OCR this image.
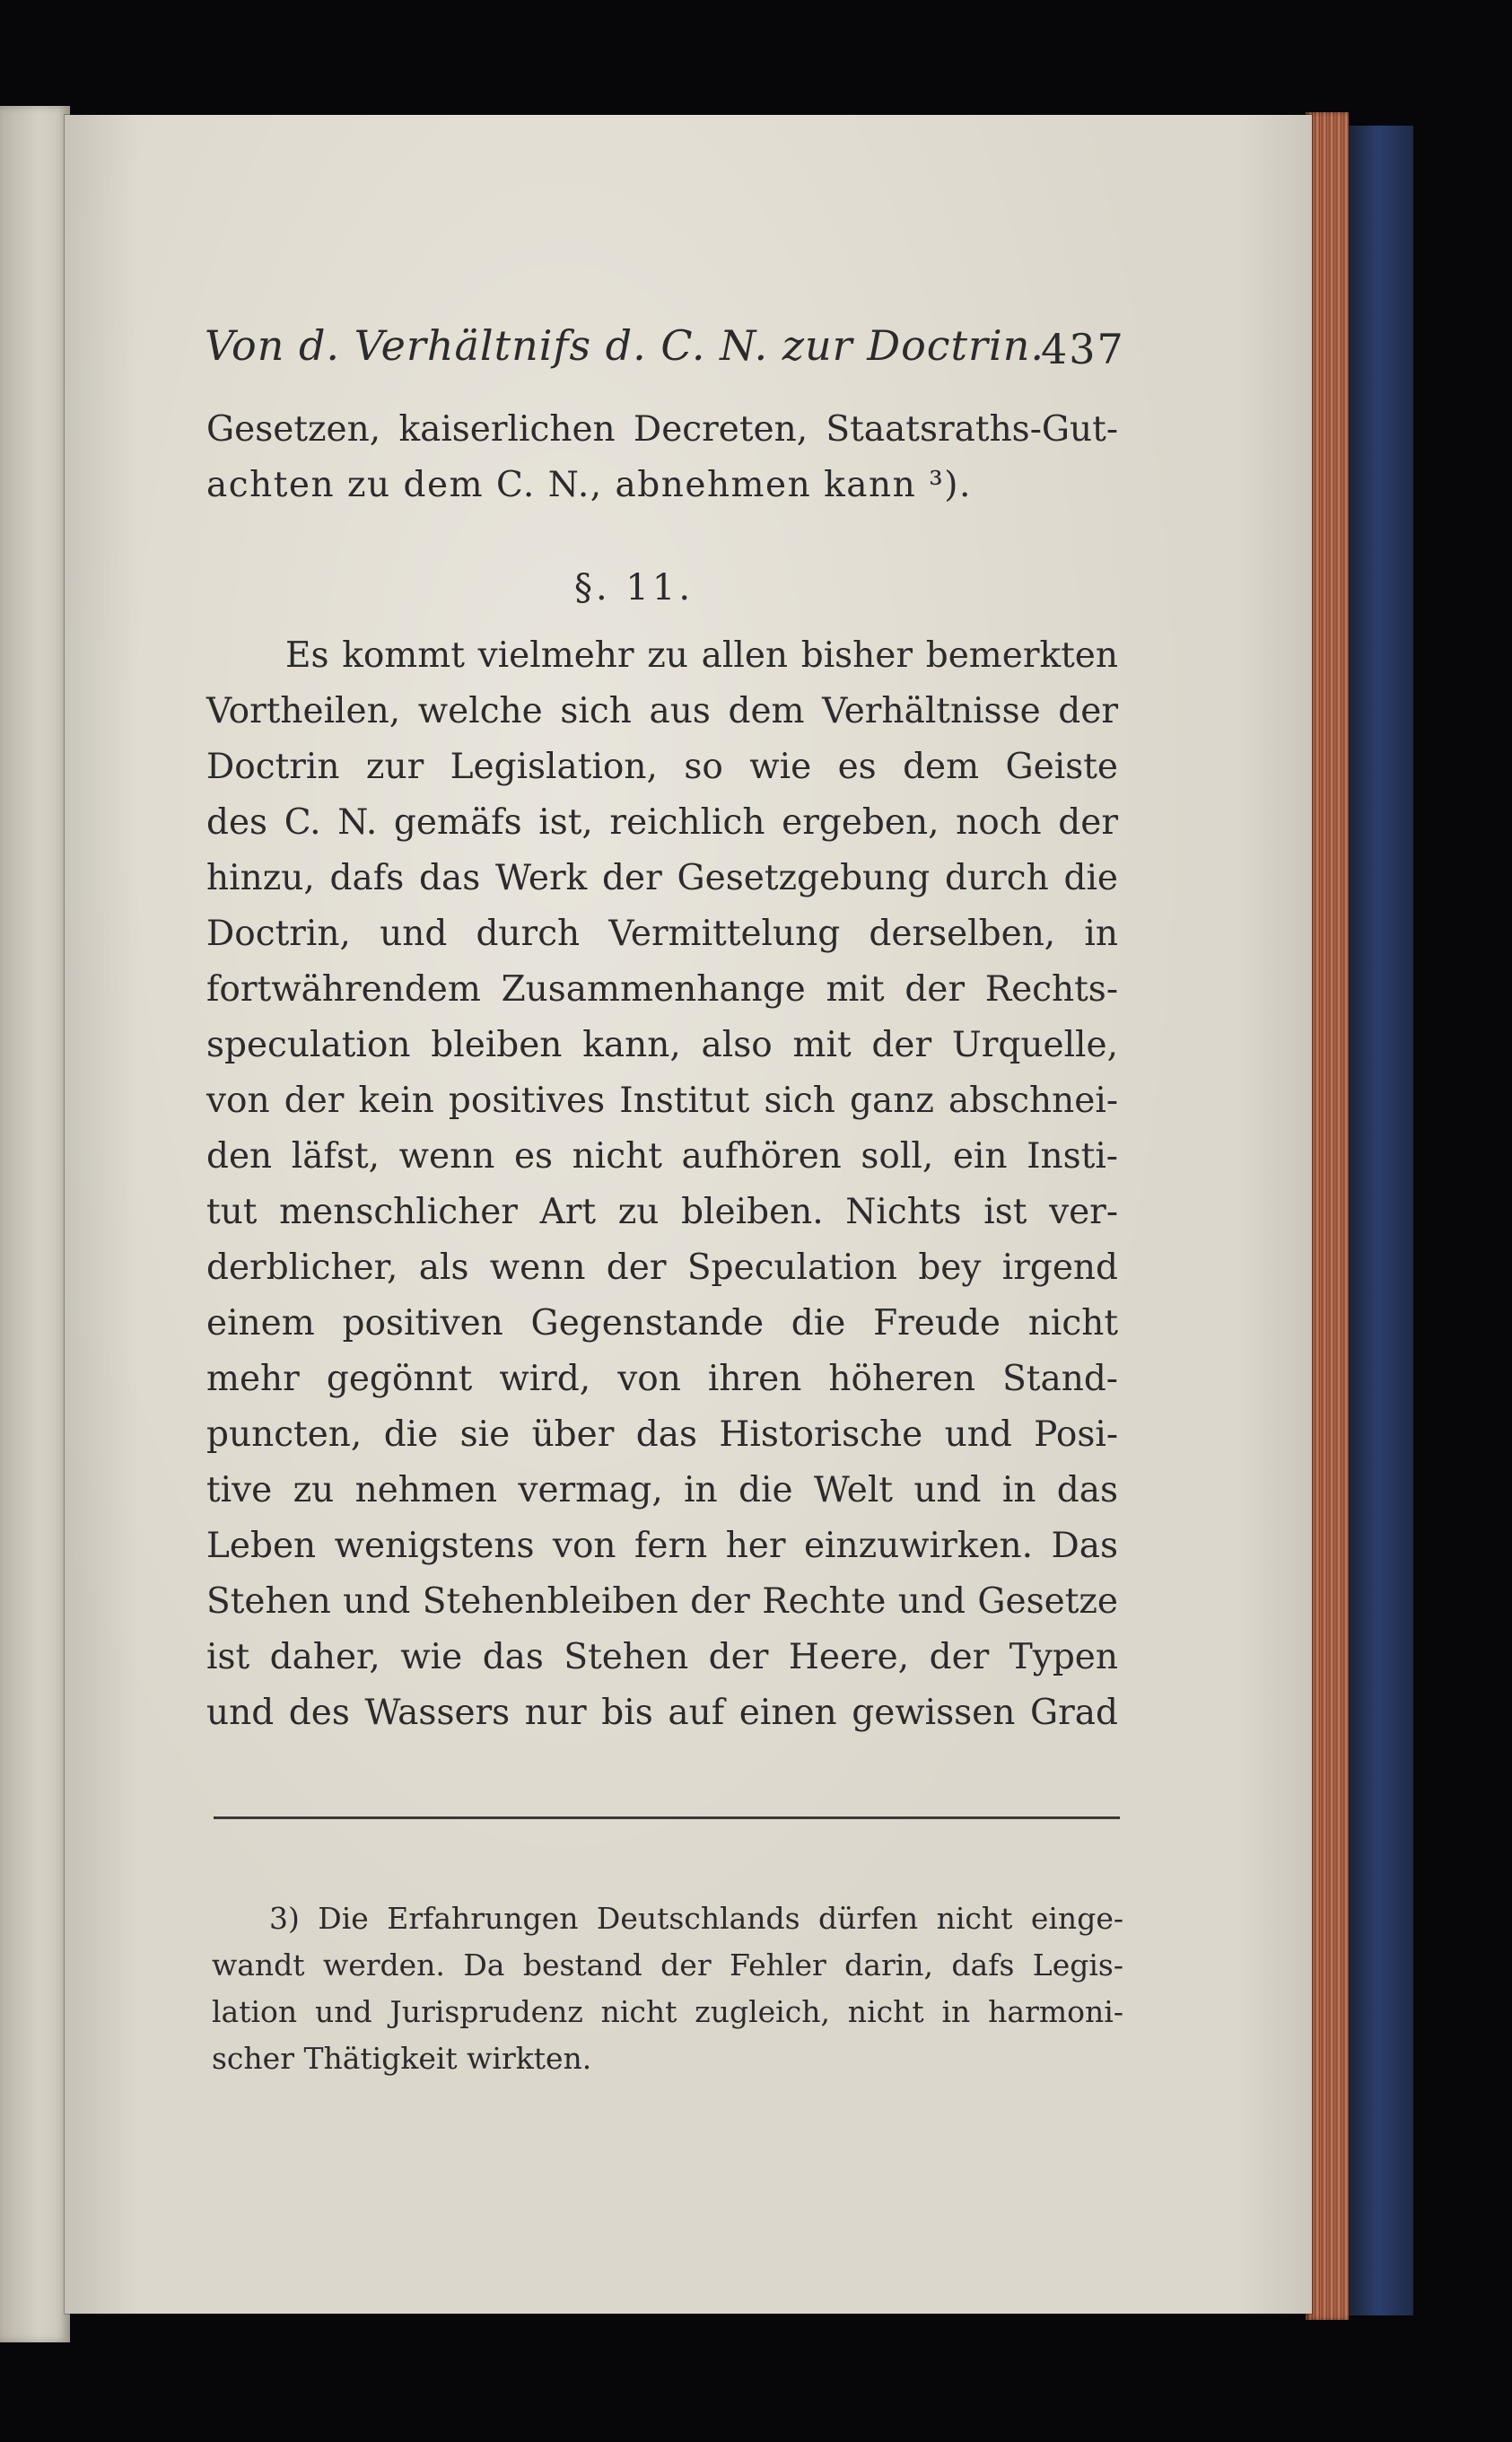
Von d. Verhältnifs d. C. N. zur Doctrin.
437
Gesetzen, kaiserlichen Decreten, Staatsraths-Gut-
achten zu dem C. N., abnehmen kann ³).
§. 11.
Es kommt vielmehr zu allen bisher bemerkten
Vortheilen, welche sich aus dem Verhältnisse der
Doctrin zur Legislation, so wie es dem Geiste
des C. N. gemäfs ist, reichlich ergeben, noch der
hinzu, dafs das Werk der Gesetzgebung durch die
Doctrin, und durch Vermittelung derselben, in
fortwährendem Zusammenhange mit der Rechts-
speculation bleiben kann, also mit der Urquelle,
von der kein positives Institut sich ganz abschnei-
den läfst, wenn es nicht aufhören soll, ein Insti-
tut menschlicher Art zu bleiben. Nichts ist ver-
derblicher, als wenn der Speculation bey irgend
einem positiven Gegenstande die Freude nicht
mehr gegönnt wird, von ihren höheren Stand-
puncten, die sie über das Historische und Posi-
tive zu nehmen vermag, in die Welt und in das
Leben wenigstens von fern her einzuwirken. Das
Stehen und Stehenbleiben der Rechte und Gesetze
ist daher, wie das Stehen der Heere, der Typen
und des Wassers nur bis auf einen gewissen Grad
3) Die Erfahrungen Deutschlands dürfen nicht einge-
wandt werden. Da bestand der Fehler darin, dafs Legis-
lation und Jurisprudenz nicht zugleich, nicht in harmoni-
scher Thätigkeit wirkten.
